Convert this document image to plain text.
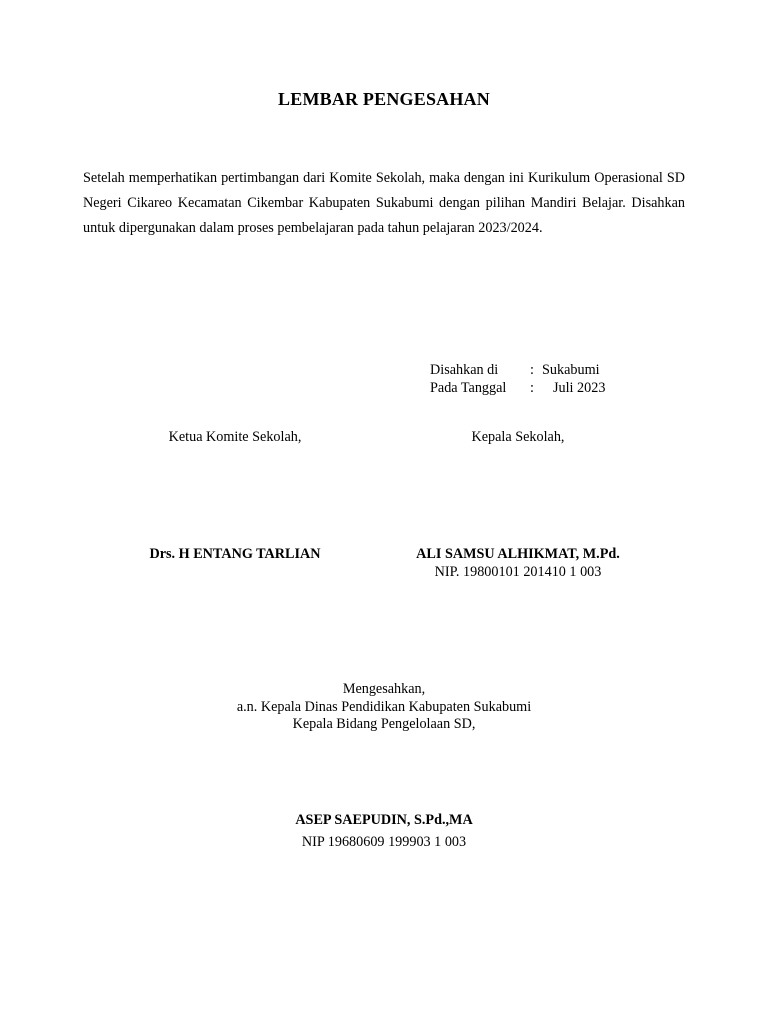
LEMBAR PENGESAHAN
Setelah memperhatikan pertimbangan dari Komite Sekolah, maka dengan ini Kurikulum Operasional SD Negeri Cikareo Kecamatan Cikembar Kabupaten Sukabumi dengan pilihan Mandiri Belajar. Disahkan untuk dipergunakan dalam proses pembelajaran pada tahun pelajaran 2023/2024.
Disahkan di : Sukabumi
Pada Tanggal : Juli 2023
Ketua Komite Sekolah,	Kepala Sekolah,
Drs. H ENTANG TARLIAN	ALI SAMSU ALHIKMAT, M.Pd.
NIP. 19800101 201410 1 003
Mengesahkan,
a.n. Kepala Dinas Pendidikan Kabupaten Sukabumi
Kepala Bidang Pengelolaan SD,
ASEP SAEPUDIN, S.Pd.,MA
NIP 19680609 199903 1 003
